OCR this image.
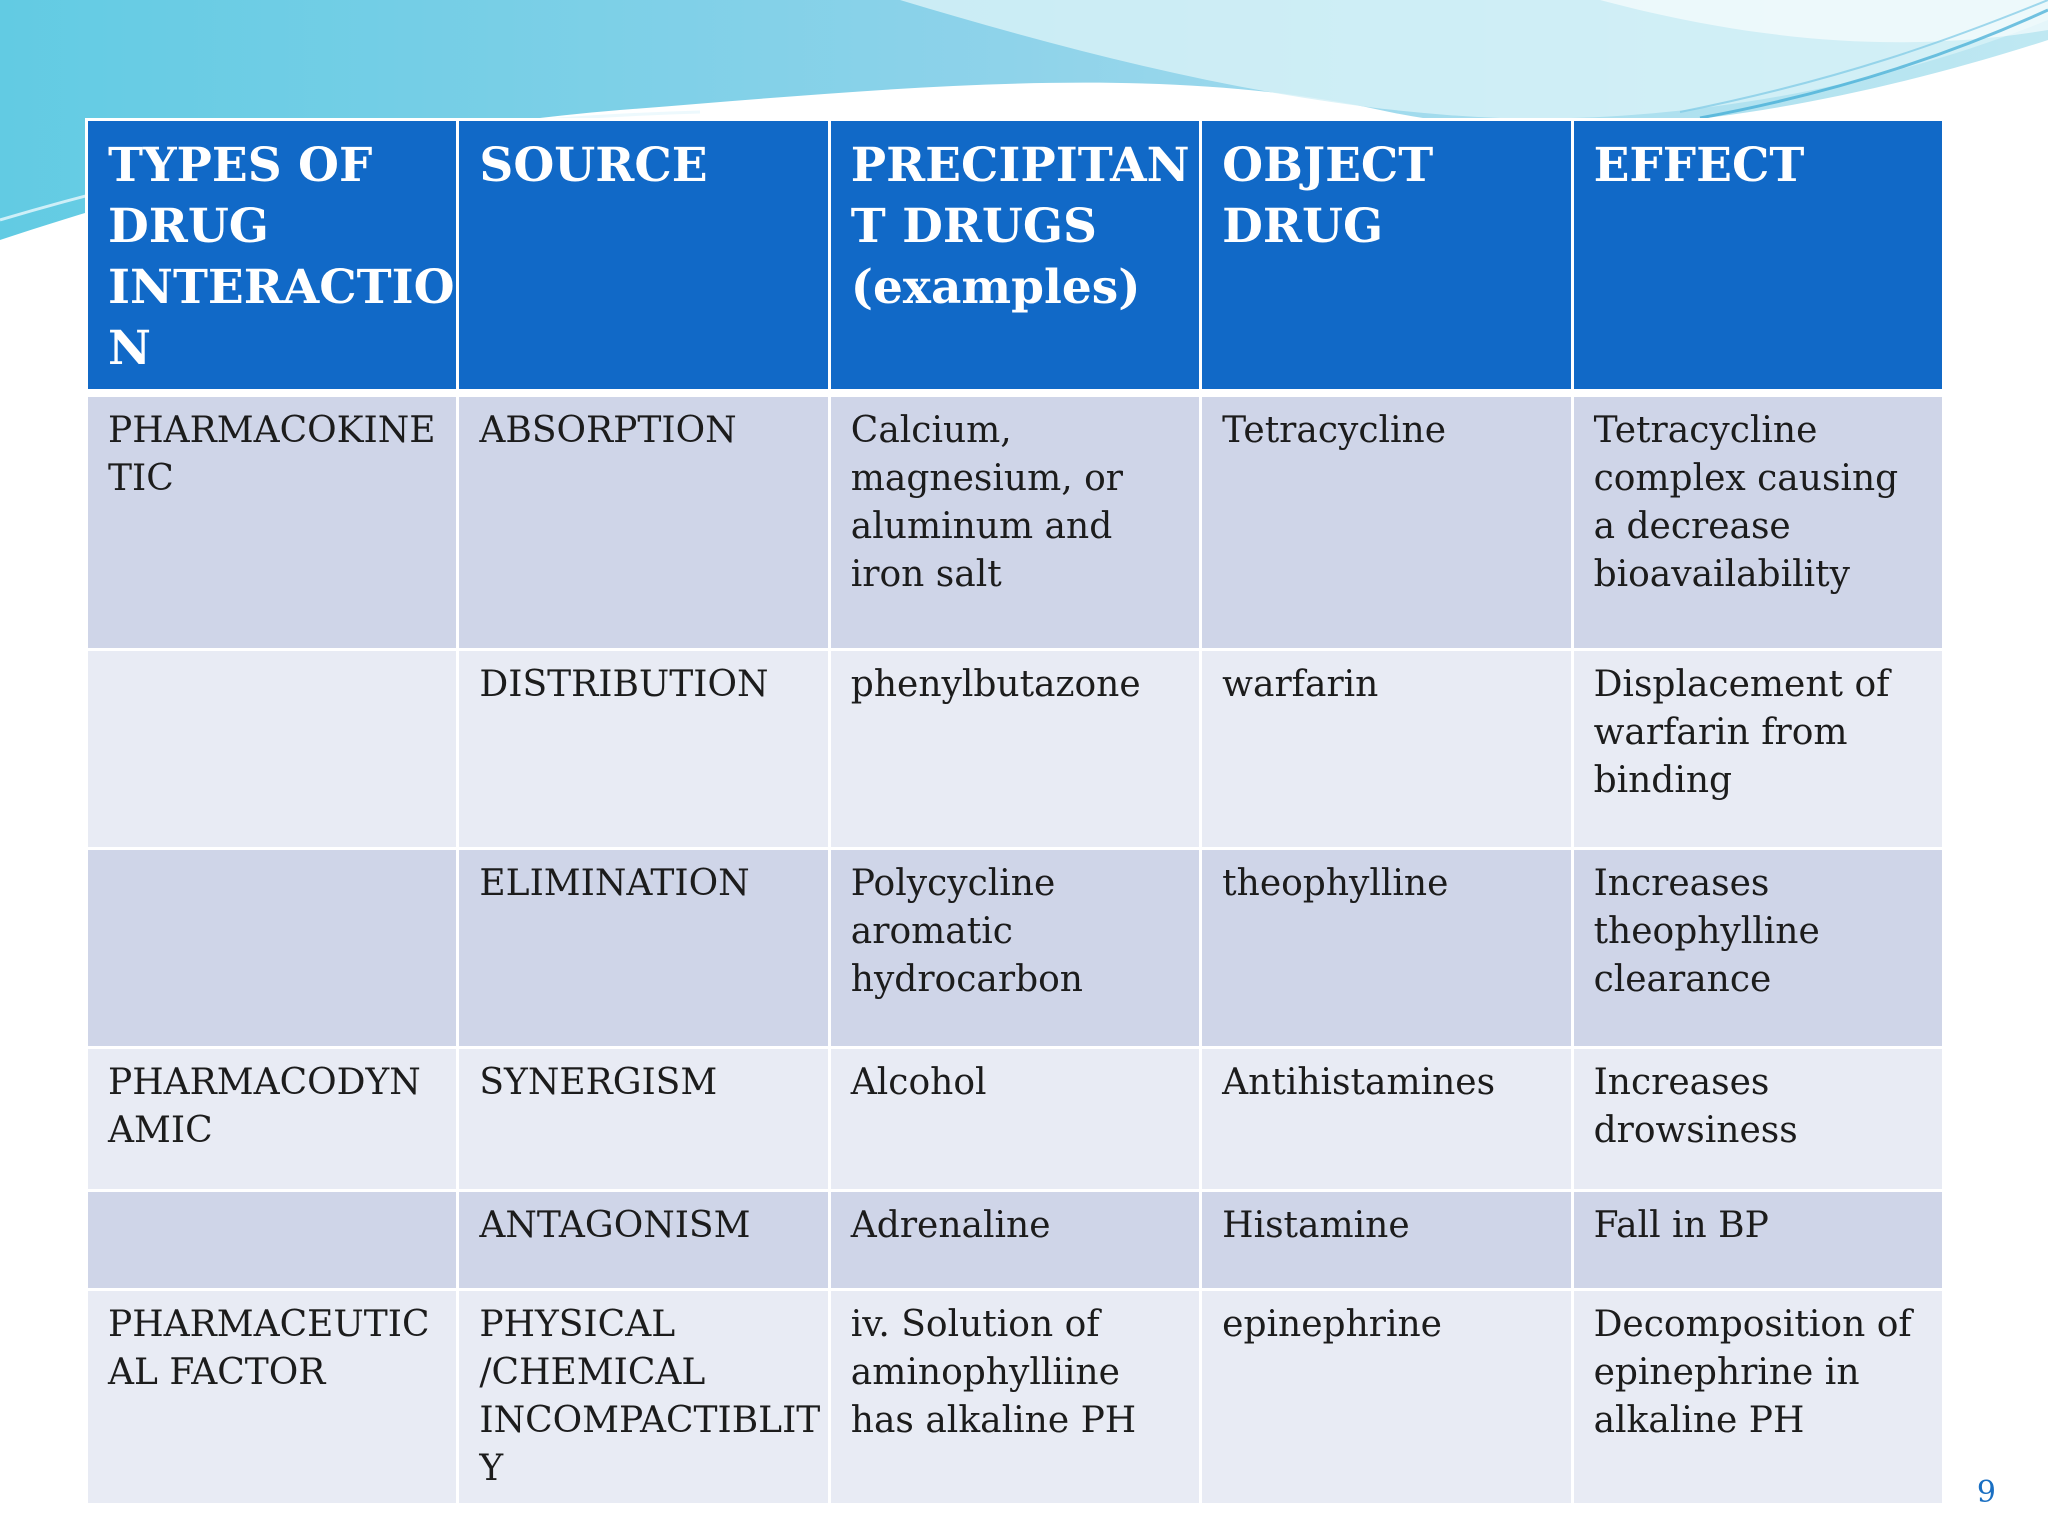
TYPES OF DRUG INTERACTIO N	SOURCE	PRECIPITAN T DRUGS (examples)	OBJECT DRUG	EFFECT
PHARMACOKINE TIC	ABSORPTION	Calcium, magnesium, or aluminum and iron salt	Tetracycline	Tetracycline complex causing a decrease bioavailability
	DISTRIBUTION	phenylbutazone	warfarin	Displacement of warfarin from binding
	ELIMINATION	Polycycline aromatic hydrocarbon	theophylline	Increases theophylline clearance
PHARMACODYN AMIC	SYNERGISM	Alcohol	Antihistamines	Increases drowsiness
	ANTAGONISM	Adrenaline	Histamine	Fall in BP
PHARMACEUTIC AL FACTOR	PHYSICAL /CHEMICAL INCOMPACTIBLIT Y	iv. Solution of aminophylliine has alkaline PH	epinephrine	Decomposition of epinephrine in alkaline PH
9
